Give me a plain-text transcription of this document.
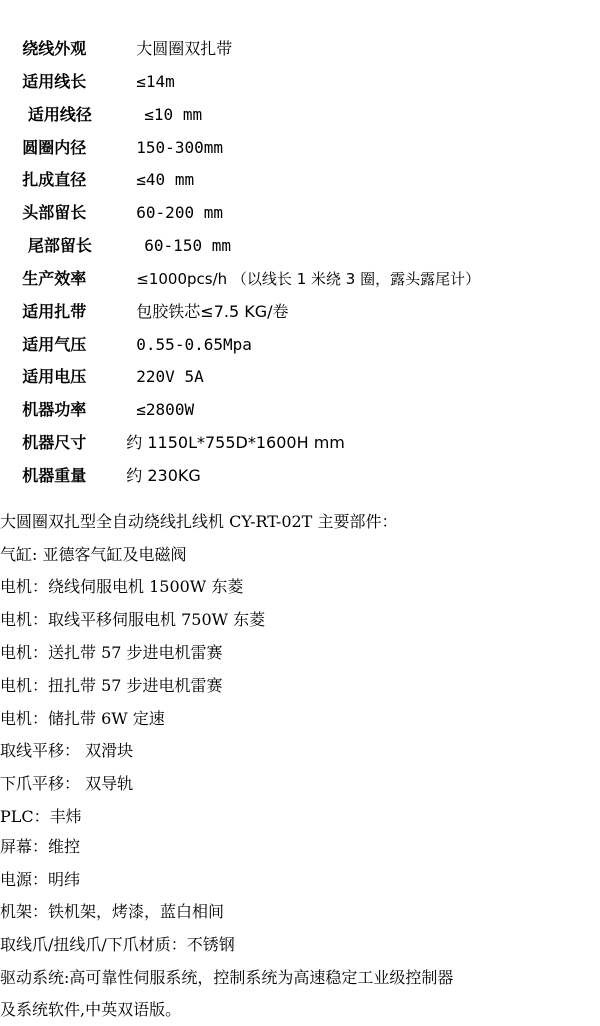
绕线外观	大圆圈双扎带

适用线长	≤14m

适用线径	≤10 mm

圆圈内径	150-300mm

扎成直径	≤40 mm

头部留长	60-200 mm

尾部留长	60-150 mm

生产效率	≤1000pcs/h （以线长 1 米绕 3 圈，露头露尾计）

适用扎带	包胶铁芯≤7.5 KG/卷

适用气压	0.55-0.65Mpa

适用电压	220V 5A

机器功率	≤2800W

机器尺寸 约 1150L*755D*1600H mm

机器重量 约 230KG

大圆圈双扎型全自动绕线扎线机 CY-RT-02T 主要部件：
气缸: 亚德客气缸及电磁阀
电机：绕线伺服电机 1500W 东菱
电机：取线平移伺服电机 750W 东菱
电机：送扎带 57 步进电机雷赛
电机：扭扎带 57 步进电机雷赛
电机：储扎带 6W 定速
取线平移： 双滑块
下爪平移： 双导轨
PLC：丰炜
屏幕：维控
电源：明纬
机架：铁机架，烤漆，蓝白相间
取线爪/扭线爪/下爪材质：不锈钢
驱动系统:高可靠性伺服系统，控制系统为高速稳定工业级控制器
及系统软件,中英双语版。
